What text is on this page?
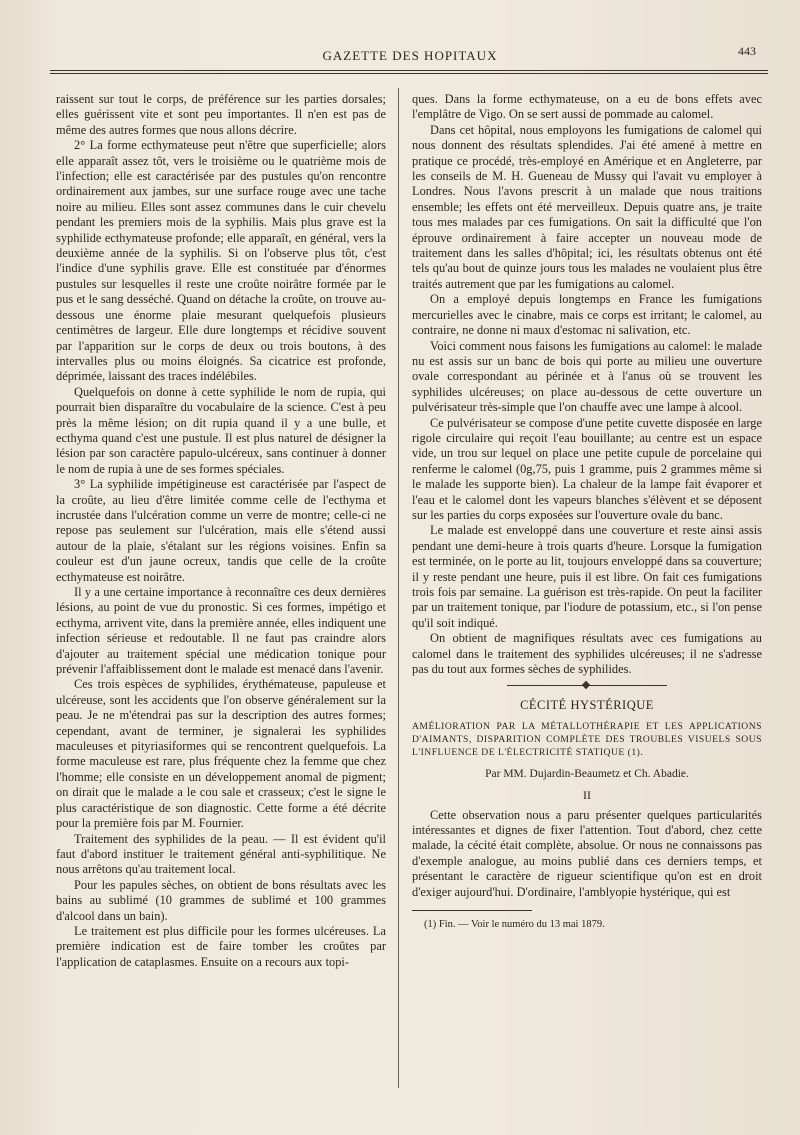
GAZETTE DES HOPITAUX	443

raissent sur tout le corps, de préférence sur les parties dorsales; elles guérissent vite et sont peu importantes. Il n'en est pas de même des autres formes que nous allons décrire.

2° La forme ecthymateuse peut n'être que superficielle; alors elle apparaît assez tôt, vers le troisième ou le quatrième mois de l'infection; elle est caractérisée par des pustules qu'on rencontre ordinairement aux jambes, sur une surface rouge avec une tache noire au milieu. Elles sont assez communes dans le cuir chevelu pendant les premiers mois de la syphilis. Mais plus grave est la syphilide ecthymateuse profonde; elle apparaît, en général, vers la deuxième année de la syphilis. Si on l'observe plus tôt, c'est l'indice d'une syphilis grave. Elle est constituée par d'énormes pustules sur lesquelles il reste une croûte noirâtre formée par le pus et le sang desséché. Quand on détache la croûte, on trouve au-dessous une énorme plaie mesurant quelquefois plusieurs centimètres de largeur. Elle dure longtemps et récidive souvent par l'apparition sur le corps de deux ou trois boutons, à des intervalles plus ou moins éloignés. Sa cicatrice est profonde, déprimée, laissant des traces indélébiles.

Quelquefois on donne à cette syphilide le nom de rupia, qui pourrait bien disparaître du vocabulaire de la science. C'est à peu près la même lésion; on dit rupia quand il y a une bulle, et ecthyma quand c'est une pustule. Il est plus naturel de désigner la lésion par son caractère papulo-ulcéreux, sans continuer à donner le nom de rupia à une de ses formes spéciales.

3° La syphilide impétigineuse est caractérisée par l'aspect de la croûte, au lieu d'être limitée comme celle de l'ecthyma et incrustée dans l'ulcération comme un verre de montre; celle-ci ne repose pas seulement sur l'ulcération, mais elle s'étend aussi autour de la plaie, s'étalant sur les régions voisines. Enfin sa couleur est d'un jaune ocreux, tandis que celle de la croûte ecthymateuse est noirâtre.

Il y a une certaine importance à reconnaître ces deux dernières lésions, au point de vue du pronostic. Si ces formes, impétigo et ecthyma, arrivent vite, dans la première année, elles indiquent une infection sérieuse et redoutable. Il ne faut pas craindre alors d'ajouter au traitement spécial une médication tonique pour prévenir l'affaiblissement dont le malade est menacé dans l'avenir.

Ces trois espèces de syphilides, érythémateuse, papuleuse et ulcéreuse, sont les accidents que l'on observe généralement sur la peau. Je ne m'étendrai pas sur la description des autres formes; cependant, avant de terminer, je signalerai les syphilides maculeuses et pityriasiformes qui se rencontrent quelquefois. La forme maculeuse est rare, plus fréquente chez la femme que chez l'homme; elle consiste en un développement anomal de pigment; on dirait que le malade a le cou sale et crasseux; c'est le signe le plus caractéristique de son diagnostic. Cette forme a été décrite pour la première fois par M. Fournier.

Traitement des syphilides de la peau. — Il est évident qu'il faut d'abord instituer le traitement général anti-syphilitique. Ne nous arrêtons qu'au traitement local.

Pour les papules sèches, on obtient de bons résultats avec les bains au sublimé (10 grammes de sublimé et 100 grammes d'alcool dans un bain).

Le traitement est plus difficile pour les formes ulcéreuses. La première indication est de faire tomber les croûtes par l'application de cataplasmes. Ensuite on a recours aux topi-

ques. Dans la forme ecthymateuse, on a eu de bons effets avec l'emplâtre de Vigo. On se sert aussi de pommade au calomel.

Dans cet hôpital, nous employons les fumigations de calomel qui nous donnent des résultats splendides. J'ai été amené à mettre en pratique ce procédé, très-employé en Amérique et en Angleterre, par les conseils de M. H. Gueneau de Mussy qui l'avait vu employer à Londres. Nous l'avons prescrit à un malade que nous traitions ensemble; les effets ont été merveilleux. Depuis quatre ans, je traite tous mes malades par ces fumigations. On sait la difficulté que l'on éprouve ordinairement à faire accepter un nouveau mode de traitement dans les salles d'hôpital; ici, les résultats obtenus ont été tels qu'au bout de quinze jours tous les malades ne voulaient plus être traités autrement que par les fumigations au calomel.

On a employé depuis longtemps en France les fumigations mercurielles avec le cinabre, mais ce corps est irritant; le calomel, au contraire, ne donne ni maux d'estomac ni salivation, etc.

Voici comment nous faisons les fumigations au calomel: le malade nu est assis sur un banc de bois qui porte au milieu une ouverture ovale correspondant au périnée et à l'anus où se trouvent les syphilides ulcéreuses; on place au-dessous de cette ouverture un pulvérisateur très-simple que l'on chauffe avec une lampe à alcool.

Ce pulvérisateur se compose d'une petite cuvette disposée en large rigole circulaire qui reçoit l'eau bouillante; au centre est un espace vide, un trou sur lequel on place une petite cupule de porcelaine qui renferme le calomel (0g,75, puis 1 gramme, puis 2 grammes même si le malade les supporte bien). La chaleur de la lampe fait évaporer et l'eau et le calomel dont les vapeurs blanches s'élèvent et se déposent sur les parties du corps exposées sur l'ouverture ovale du banc.

Le malade est enveloppé dans une couverture et reste ainsi assis pendant une demi-heure à trois quarts d'heure. Lorsque la fumigation est terminée, on le porte au lit, toujours enveloppé dans sa couverture; il y reste pendant une heure, puis il est libre. On fait ces fumigations trois fois par semaine. La guérison est très-rapide. On peut la faciliter par un traitement tonique, par l'iodure de potassium, etc., si l'on pense qu'il soit indiqué.

On obtient de magnifiques résultats avec ces fumigations au calomel dans le traitement des syphilides ulcéreuses; il ne s'adresse pas du tout aux formes sèches de syphilides.

CÉCITÉ HYSTÉRIQUE
AMÉLIORATION PAR LA MÉTALLOTHÉRAPIE ET LES APPLICATIONS D'AIMANTS, DISPARITION COMPLÈTE DES TROUBLES VISUELS SOUS L'INFLUENCE DE L'ÉLECTRICITÉ STATIQUE (1).
Par MM. Dujardin-Beaumetz et Ch. Abadie.
II

Cette observation nous a paru présenter quelques particularités intéressantes et dignes de fixer l'attention. Tout d'abord, chez cette malade, la cécité était complète, absolue. Or nous ne connaissons pas d'exemple analogue, au moins publié dans ces derniers temps, et présentant le caractère de rigueur scientifique qu'on est en droit d'exiger aujourd'hui. D'ordinaire, l'amblyopie hystérique, qui est

(1) Fin. — Voir le numéro du 13 mai 1879.
